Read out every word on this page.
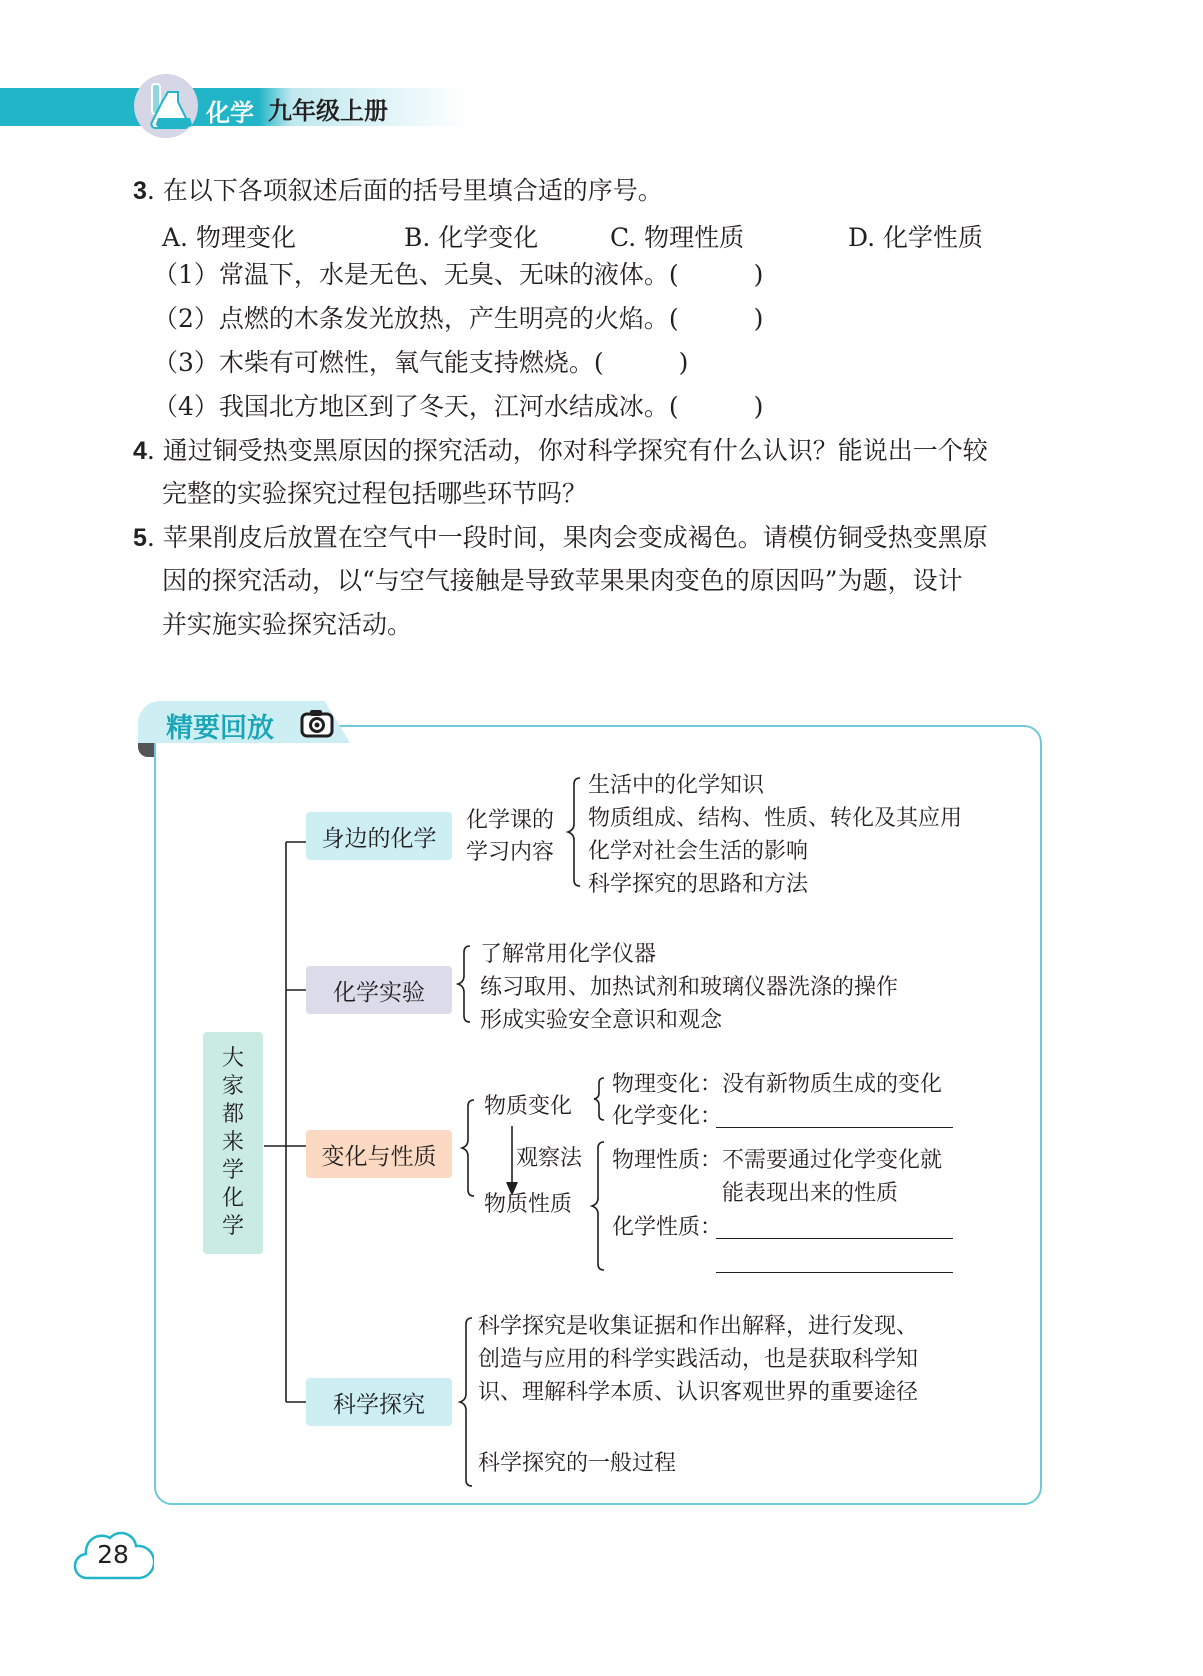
化学 九年级上册
3. 在以下各项叙述后面的括号里填合适的序号。
A. 物理变化	B. 化学变化	C. 物理性质	D. 化学性质
（1）常温下，水是无色、无臭、无味的液体。(　　　)
（2）点燃的木条发光放热，产生明亮的火焰。(　　　)
（3）木柴有可燃性，氧气能支持燃烧。(　　　)
（4）我国北方地区到了冬天，江河水结成冰。(　　　)
4. 通过铜受热变黑原因的探究活动，你对科学探究有什么认识？能说出一个较
完整的实验探究过程包括哪些环节吗？
5. 苹果削皮后放置在空气中一段时间，果肉会变成褐色。请模仿铜受热变黑原
因的探究活动，以“与空气接触是导致苹果果肉变色的原因吗”为题，设计
并实施实验探究活动。
精要回放
大
家
都
来
学
化
学
身边的化学
化学课的
学习内容
生活中的化学知识
物质组成、结构、性质、转化及其应用
化学对社会生活的影响
科学探究的思路和方法
化学实验
了解常用化学仪器
练习取用、加热试剂和玻璃仪器洗涤的操作
形成实验安全意识和观念
变化与性质
物质变化
观察法
物质性质
物理变化：没有新物质生成的变化
化学变化：
物理性质：不需要通过化学变化就
能表现出来的性质
化学性质：
科学探究
科学探究是收集证据和作出解释，进行发现、
创造与应用的科学实践活动，也是获取科学知
识、理解科学本质、认识客观世界的重要途径
科学探究的一般过程
28
